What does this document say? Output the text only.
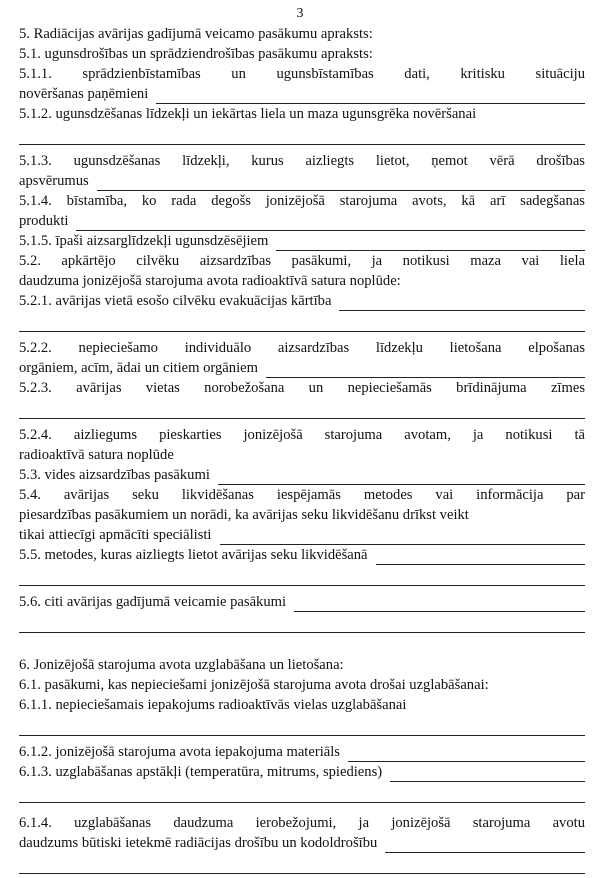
3
5. Radiācijas avārijas gadījumā veicamo pasākumu apraksts:
5.1. ugunsdrošības un sprādziendrošības pasākumu apraksts:
5.1.1. sprādzienbīstamības un ugunsbīstamības dati, kritisku situāciju
novēršanas paņēmieni
5.1.2. ugunsdzēšanas līdzekļi un iekārtas liela un maza ugunsgrēka novēršanai
5.1.3. ugunsdzēšanas līdzekļi, kurus aizliegts lietot, ņemot vērā drošības
apsvērumus
5.1.4. bīstamība, ko rada degošs jonizējošā starojuma avots, kā arī sadegšanas
produkti
5.1.5. īpaši aizsarglīdzekļi ugunsdzēsējiem
5.2. apkārtējo cilvēku aizsardzības pasākumi, ja notikusi maza vai liela
daudzuma jonizējošā starojuma avota radioaktīvā satura noplūde:
5.2.1. avārijas vietā esošo cilvēku evakuācijas kārtība
5.2.2. nepieciešamo individuālo aizsardzības līdzekļu lietošana elpošanas
orgāniem, acīm, ādai un citiem orgāniem
5.2.3. avārijas vietas norobežošana un nepieciešamās brīdinājuma zīmes
5.2.4. aizliegums pieskarties jonizējošā starojuma avotam, ja notikusi tā
radioaktīvā satura noplūde
5.3. vides aizsardzības pasākumi
5.4. avārijas seku likvidēšanas iespējamās metodes vai informācija par
piesardzības pasākumiem un norādi, ka avārijas seku likvidēšanu drīkst veikt
tikai attiecīgi apmācīti speciālisti
5.5. metodes, kuras aizliegts lietot avārijas seku likvidēšanā
5.6. citi avārijas gadījumā veicamie pasākumi
6. Jonizējošā starojuma avota uzglabāšana un lietošana:
6.1. pasākumi, kas nepieciešami jonizējošā starojuma avota drošai uzglabāšanai:
6.1.1. nepieciešamais iepakojums radioaktīvās vielas uzglabāšanai
6.1.2. jonizējošā starojuma avota iepakojuma materiāls
6.1.3. uzglabāšanas apstākļi (temperatūra, mitrums, spiediens)
6.1.4. uzglabāšanas daudzuma ierobežojumi, ja jonizējošā starojuma avotu
daudzums būtiski ietekmē radiācijas drošību un kodoldrošību
